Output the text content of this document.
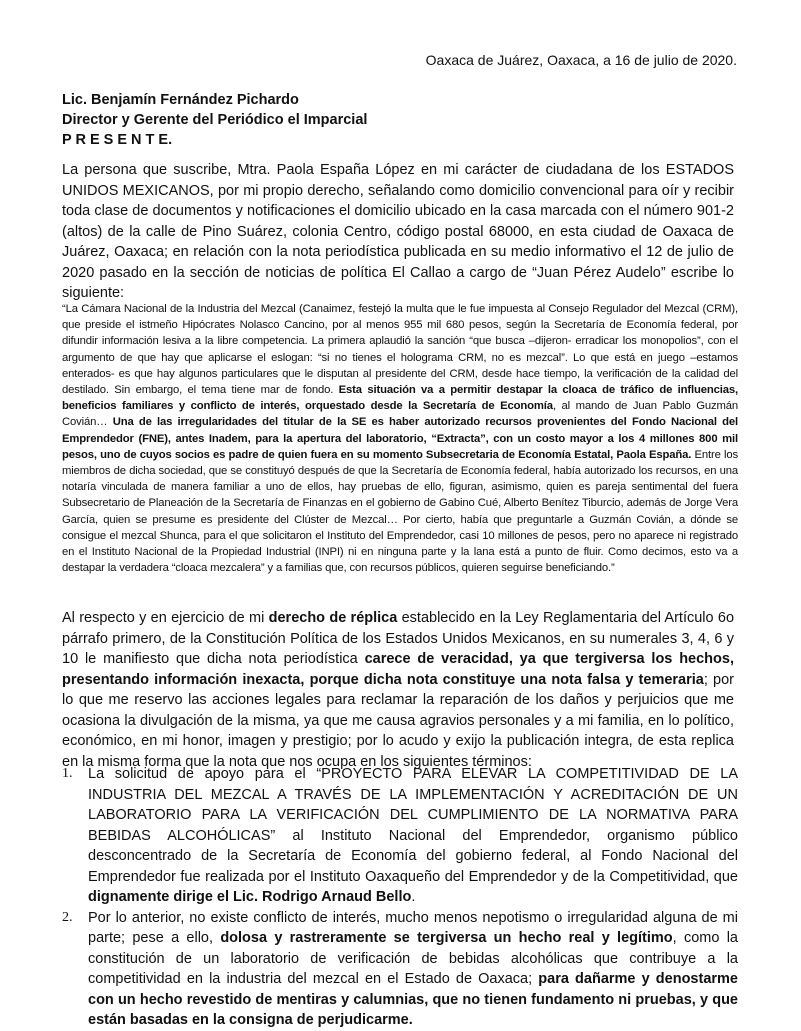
Oaxaca de Juárez, Oaxaca, a 16 de julio de 2020.
Lic. Benjamín Fernández Pichardo
Director y Gerente del Periódico el Imparcial
P R E S E N T E.
La persona que suscribe, Mtra. Paola España López en mi carácter de ciudadana de los ESTADOS UNIDOS MEXICANOS, por mi propio derecho, señalando como domicilio convencional para oír y recibir toda clase de documentos y notificaciones el domicilio ubicado en la casa marcada con el número 901-2 (altos) de la calle de Pino Suárez, colonia Centro, código postal 68000, en esta ciudad de Oaxaca de Juárez, Oaxaca; en relación con la nota periodística publicada en su medio informativo el 12 de julio de 2020 pasado en la sección de noticias de política El Callao a cargo de “Juan Pérez Audelo” escribe lo siguiente:
“La Cámara Nacional de la Industria del Mezcal (Canaimez, festejó la multa que le fue impuesta al Consejo Regulador del Mezcal (CRM), que preside el istmeño Hipócrates Nolasco Cancino, por al menos 955 mil 680 pesos, según la Secretaría de Economía federal, por difundir información lesiva a la libre competencia. La primera aplaudió la sanción “que busca –dijeron- erradicar los monopolios”, con el argumento de que hay que aplicarse el eslogan: “si no tienes el holograma CRM, no es mezcal”. Lo que está en juego –estamos enterados- es que hay algunos particulares que le disputan al presidente del CRM, desde hace tiempo, la verificación de la calidad del destilado. Sin embargo, el tema tiene mar de fondo. Esta situación va a permitir destapar la cloaca de tráfico de influencias, beneficios familiares y conflicto de interés, orquestado desde la Secretaría de Economía, al mando de Juan Pablo Guzmán Covián… Una de las irregularidades del titular de la SE es haber autorizado recursos provenientes del Fondo Nacional del Emprendedor (FNE), antes Inadem, para la apertura del laboratorio, “Extracta”, con un costo mayor a los 4 millones 800 mil pesos, uno de cuyos socios es padre de quien fuera en su momento Subsecretaria de Economía Estatal, Paola España. Entre los miembros de dicha sociedad, que se constituyó después de que la Secretaría de Economía federal, había autorizado los recursos, en una notaría vinculada de manera familiar a uno de ellos, hay pruebas de ello, figuran, asimismo, quien es pareja sentimental del fuera Subsecretario de Planeación de la Secretaría de Finanzas en el gobierno de Gabino Cué, Alberto Benítez Tiburcio, además de Jorge Vera García, quien se presume es presidente del Clúster de Mezcal… Por cierto, había que preguntarle a Guzmán Covián, a dónde se consigue el mezcal Shunca, para el que solicitaron el Instituto del Emprendedor, casi 10 millones de pesos, pero no aparece ni registrado en el Instituto Nacional de la Propiedad Industrial (INPI) ni en ninguna parte y la lana está a punto de fluir. Como decimos, esto va a destapar la verdadera “cloaca mezcalera” y a familias que, con recursos públicos, quieren seguirse beneficiando.”
Al respecto y en ejercicio de mi derecho de réplica establecido en la Ley Reglamentaria del Artículo 6o párrafo primero, de la Constitución Política de los Estados Unidos Mexicanos, en su numerales 3, 4, 6 y 10 le manifiesto que dicha nota periodística carece de veracidad, ya que tergiversa los hechos, presentando información inexacta, porque dicha nota constituye una nota falsa y temeraria; por lo que me reservo las acciones legales para reclamar la reparación de los daños y perjuicios que me ocasiona la divulgación de la misma, ya que me causa agravios personales y a mi familia, en lo político, económico, en mi honor, imagen y prestigio; por lo acudo y exijo la publicación integra, de esta replica en la misma forma que la nota que nos ocupa en los siguientes términos:
1. La solicitud de apoyo para el “PROYECTO PARA ELEVAR LA COMPETITIVIDAD DE LA INDUSTRIA DEL MEZCAL A TRAVÉS DE LA IMPLEMENTACIÓN Y ACREDITACIÓN DE UN LABORATORIO PARA LA VERIFICACIÓN DEL CUMPLIMIENTO DE LA NORMATIVA PARA BEBIDAS ALCOHÓLICAS” al Instituto Nacional del Emprendedor, organismo público desconcentrado de la Secretaría de Economía del gobierno federal, al Fondo Nacional del Emprendedor fue realizada por el Instituto Oaxaqueño del Emprendedor y de la Competitividad, que dignamente dirige el Lic. Rodrigo Arnaud Bello.
2. Por lo anterior, no existe conflicto de interés, mucho menos nepotismo o irregularidad alguna de mi parte; pese a ello, dolosa y rastreramente se tergiversa un hecho real y legítimo, como la constitución de un laboratorio de verificación de bebidas alcohólicas que contribuye a la competitividad en la industria del mezcal en el Estado de Oaxaca; para dañarme y denostarme con un hecho revestido de mentiras y calumnias, que no tienen fundamento ni pruebas, y que están basadas en la consigna de perjudicarme.
